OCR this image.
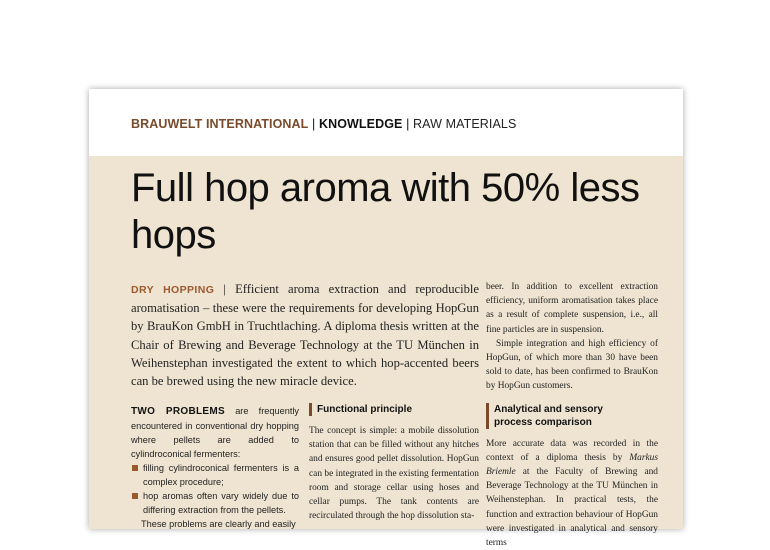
BRAUWELT INTERNATIONAL | KNOWLEDGE | RAW MATERIALS
Full hop aroma with 50% less hops
DRY HOPPING | Efficient aroma extraction and reproducible aromatisation – these were the requirements for developing HopGun by BrauKon GmbH in Truchtlaching. A diploma thesis written at the Chair of Brewing and Beverage Technology at the TU München in Weihenstephan investigated the extent to which hop-accented beers can be brewed using the new miracle device.

TWO PROBLEMS are frequently encountered in conventional dry hopping where pellets are added to cylindroconical fermenters:

filling cylindroconical fermenters is a complex procedure;
hop aromas often vary widely due to differing extraction from the pellets.

These problems are clearly and easily

Functional principle

The concept is simple: a mobile dissolution station that can be filled without any hitches and ensures good pellet dissolution. HopGun can be integrated in the existing fermentation room and storage cellar using hoses and cellar pumps. The tank contents are recirculated through the hop dissolution sta-

beer. In addition to excellent extraction efficiency, uniform aromatisation takes place as a result of complete suspension, i.e., all fine particles are in suspension.

Simple integration and high efficiency of HopGun, of which more than 30 have been sold to date, has been confirmed to BrauKon by HopGun customers.

Analytical and sensory
process comparison

More accurate data was recorded in the context of a diploma thesis by Markus Briemle at the Faculty of Brewing and Beverage Technology at the TU München in Weihenstephan. In practical tests, the function and extraction behaviour of HopGun were investigated in analytical and sensory terms
